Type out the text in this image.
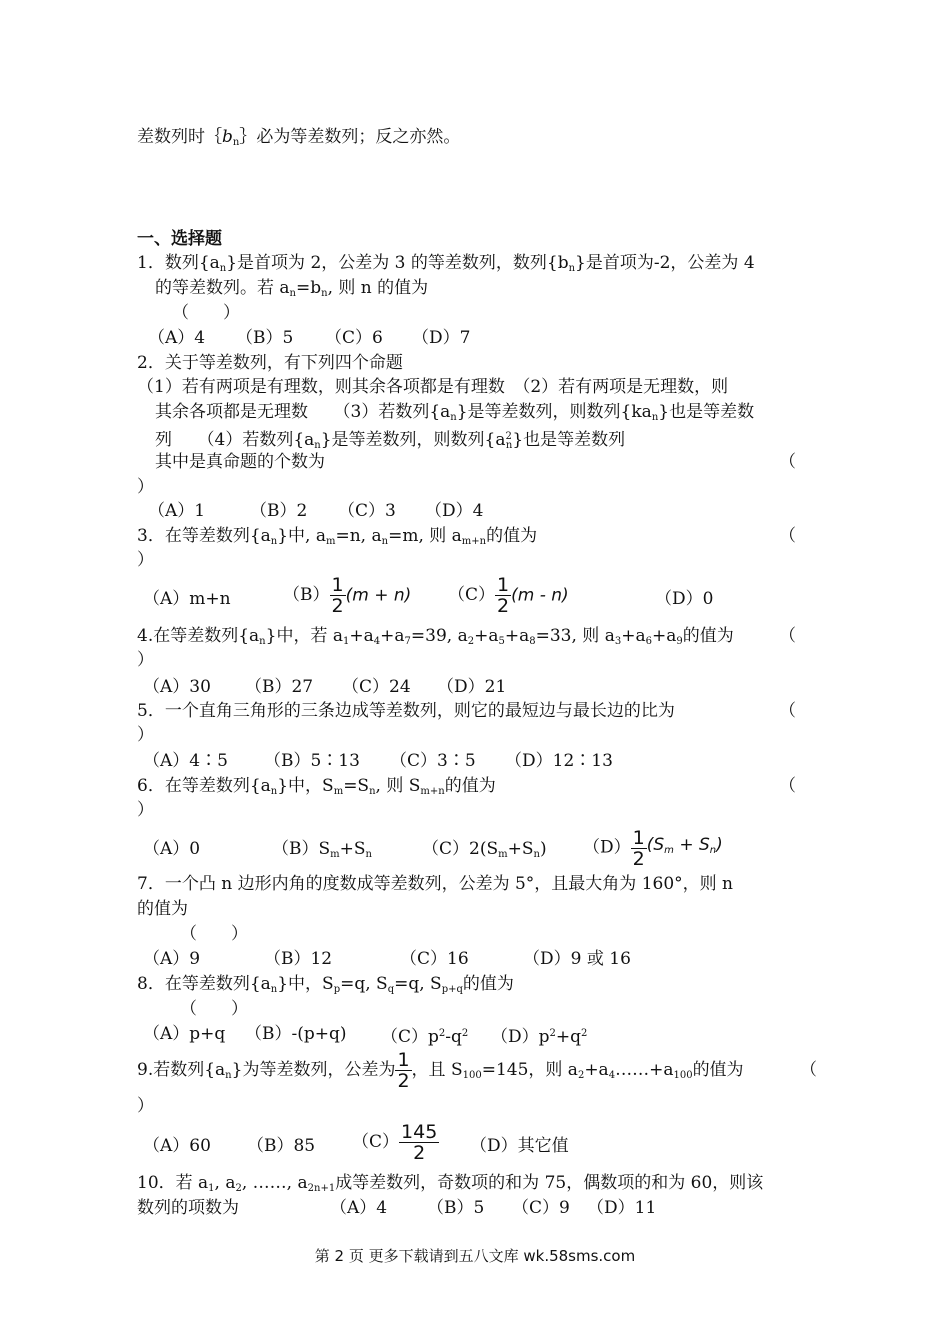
差数列时$\{b_n\}$必为等差数列；反之亦然。
一、选择题
1．数列$\{a_n\}$是首项为 2，公差为 3 的等差数列，数列$\{b_n\}$是首项为-2，公差为 4
的等差数列。若 $a_n=b_n$, 则 n 的值为
（　　）
（A）4 （B）5 （C）6 （D）7
2．关于等差数列，有下列四个命题
（1）若有两项是有理数，则其余各项都是有理数　（2）若有两项是无理数，则
其余各项都是无理数　　（3）若数列$\{a_n\}$是等差数列，则数列$\{ka_n\}$也是等差数
列　　（4）若数列$\{a_n\}$是等差数列，则数列$\{a^2_n\}$也是等差数列
其中是真命题的个数为	（
）
（A）1	（B）2 （C）3 （D）4
3．在等差数列$\{a_n\}$中, $a_m=n$, $a_n=m$, 则 $a_{m+n}$的值为	（
）
（A）m+n	$(B) \frac{1}{2} (m + n)$ $(C) \frac{1}{2} (m - n)$	（D）0
4.在等差数列$\{a_n\}$中，若 $a_1+a_4+a_7=39$, $a_2+a_5+a_8=33$, 则 $a_3+a_6+a_9$的值为	（
）
（A）30 （B）27 （C）24 （D）21
5．一个直角三角形的三条边成等差数列，则它的最短边与最长边的比为	（
）
（A）4∶5 （B）5∶13 （C）3∶5 （D）12∶13
6．在等差数列$\{a_n\}$中，$S_m=S_n$, 则 $S_{m+n}$的值为	（
）
（A）0	$(B)S_m+S_n$	$(C)2(S_m+S_n)$ $(D) \frac{1}{2} (S_m + S_n)$
7．一个凸 n 边形内角的度数成等差数列，公差为 5°，且最大角为 160°，则 n
的值为
（　　）
（A）9	（B）12	（C）16	（D）9 或 16
8．在等差数列$\{a_n\}$中，$S_p=q$, $S_q=q$, $S_{p+q}$的值为
（　　）
（A）p+q （B）-(p+q) $(C)p^2-q^2$ $(D)p^2+q^2$
9.若数列$\{a_n\}$为等差数列，公差为 $\frac{1}{2}$ ，且 $S_{100}=145$，则 $a_2+a_4\dots\dots+a_{100}$的值为	（
）
（A）60 （B）85 $(C) \frac{145}{2} (D)$其它值
10．若 $a_1$, $a_2$, ……, $a_{2n+1}$成等差数列，奇数项的和为 75，偶数项的和为 60，则该
数列的项数为	（A）4 （B）5 （C）9 （D）11
第 2 页 更多下载请到五八文库 wk.58sms.com
